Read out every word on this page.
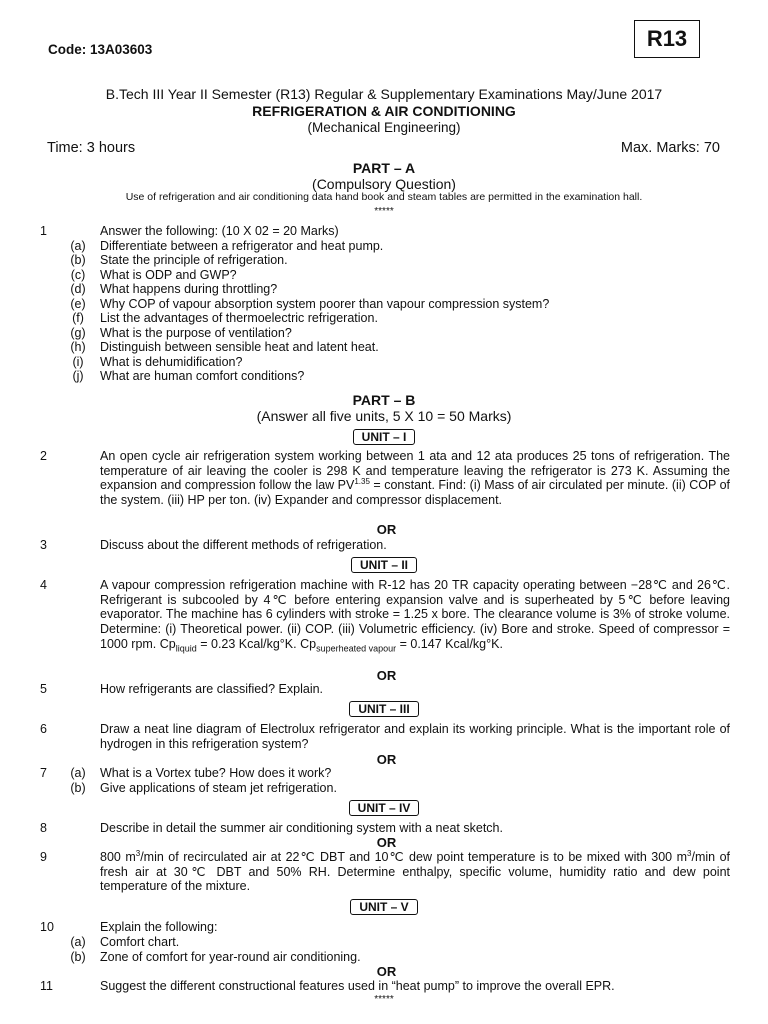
Code: 13A03603	R13
B.Tech III Year II Semester (R13) Regular & Supplementary Examinations May/June 2017
REFRIGERATION & AIR CONDITIONING
(Mechanical Engineering)
Time: 3 hours	Max. Marks: 70
PART – A
(Compulsory Question)
Use of refrigeration and air conditioning data hand book and steam tables are permitted in the examination hall.
*****
1	Answer the following: (10 X 02 = 20 Marks)
(a)	Differentiate between a refrigerator and heat pump.
(b)	State the principle of refrigeration.
(c)	What is ODP and GWP?
(d)	What happens during throttling?
(e)	Why COP of vapour absorption system poorer than vapour compression system?
(f)	List the advantages of thermoelectric refrigeration.
(g)	What is the purpose of ventilation?
(h)	Distinguish between sensible heat and latent heat.
(i)	What is dehumidification?
(j)	What are human comfort conditions?
PART – B
(Answer all five units, 5 X 10 = 50 Marks)
UNIT – I
2	An open cycle air refrigeration system working between 1 ata and 12 ata produces 25 tons of refrigeration. The temperature of air leaving the cooler is 298 K and temperature leaving the refrigerator is 273 K. Assuming the expansion and compression follow the law $PV^{1.35}$ = constant. Find: (i) Mass of air circulated per minute. (ii) COP of the system. (iii) HP per ton. (iv) Expander and compressor displacement.
OR
3	Discuss about the different methods of refrigeration.
UNIT – II
4	A vapour compression refrigeration machine with R-12 has 20 TR capacity operating between −28℃ and 26℃. Refrigerant is subcooled by 4℃ before entering expansion valve and is superheated by 5℃ before leaving evaporator. The machine has 6 cylinders with stroke = 1.25 x bore. The clearance volume is 3% of stroke volume. Determine: (i) Theoretical power. (ii) COP. (iii) Volumetric efficiency. (iv) Bore and stroke. Speed of compressor = 1000 rpm. $Cp_{liquid} = 0.23$ Kcal/kg°K. $Cp_{superheated vapour} = 0.147$ Kcal/kg°K.
OR
5	How refrigerants are classified? Explain.
UNIT – III
6	Draw a neat line diagram of Electrolux refrigerator and explain its working principle. What is the important role of hydrogen in this refrigeration system?
OR
7	(a)	What is a Vortex tube? How does it work?
(b)	Give applications of steam jet refrigeration.
UNIT – IV
8	Describe in detail the summer air conditioning system with a neat sketch.
OR
9	800 $m^3/\min$ of recirculated air at 22℃ DBT and 10℃ dew point temperature is to be mixed with 300 $m^3/\min$ of fresh air at 30℃ DBT and 50% RH. Determine enthalpy, specific volume, humidity ratio and dew point temperature of the mixture.
UNIT – V
10	Explain the following:
(a)	Comfort chart.
(b)	Zone of comfort for year-round air conditioning.
OR
11	Suggest the different constructional features used in “heat pump” to improve the overall EPR.
*****
